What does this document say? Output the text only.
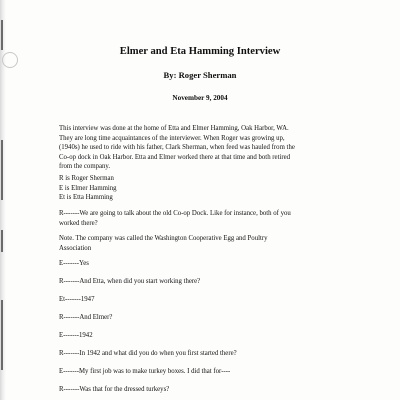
Elmer and Eta Hamming Interview
By: Roger Sherman
November 9, 2004
This interview was done at the home of Etta and Elmer Hamming, Oak Harbor, WA.
They are long time acquaintances of the interviewer. When Roger was growing up,
(1940s) he used to ride with his father, Clark Sherman, when feed was hauled from the
Co-op dock in Oak Harbor. Etta and Elmer worked there at that time and both retired
from the company.
R is Roger Sherman
E is Elmer Hamming
Et is Etta Hamming
R-------We are going to talk about the old Co-op Dock. Like for instance, both of you
worked there?
Note. The company was called the Washington Cooperative Egg and Poultry
Association
E-------Yes
R-------And Etta, when did you start working there?
Et-------1947
R-------And Elmer?
E-------1942
R-------In 1942 and what did you do when you first started there?
E-------My first job was to make turkey boxes. I did that for----
R-------Was that for the dressed turkeys?
